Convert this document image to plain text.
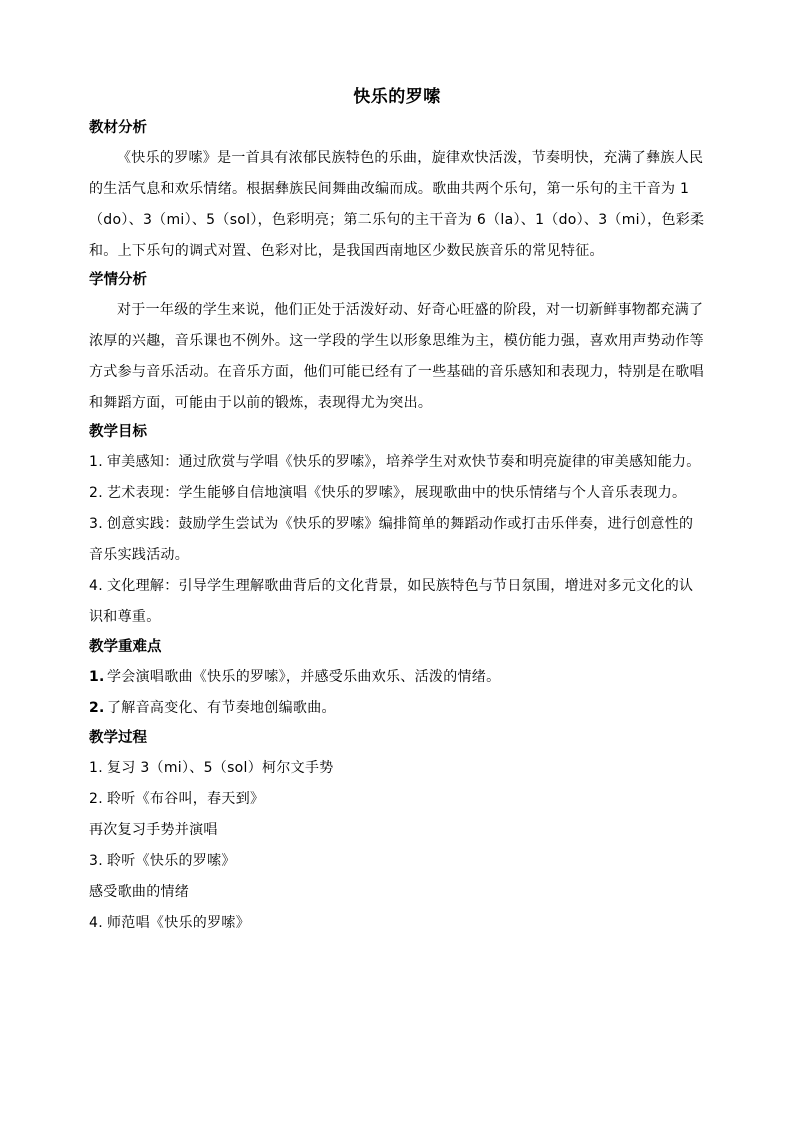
快乐的罗嗦
教材分析
《快乐的罗嗦》是一首具有浓郁民族特色的乐曲，旋律欢快活泼，节奏明快，充满了彝族人民的生活气息和欢乐情绪。根据彝族民间舞曲改编而成。歌曲共两个乐句，第一乐句的主干音为 1（do）、3（mi）、5（sol），色彩明亮；第二乐句的主干音为 6（la）、1（do）、3（mi），色彩柔和。上下乐句的调式对置、色彩对比，是我国西南地区少数民族音乐的常见特征。
学情分析
对于一年级的学生来说，他们正处于活泼好动、好奇心旺盛的阶段，对一切新鲜事物都充满了浓厚的兴趣，音乐课也不例外。这一学段的学生以形象思维为主，模仿能力强，喜欢用声势动作等方式参与音乐活动。在音乐方面，他们可能已经有了一些基础的音乐感知和表现力，特别是在歌唱和舞蹈方面，可能由于以前的锻炼，表现得尤为突出。
教学目标
1. 审美感知：通过欣赏与学唱《快乐的罗嗦》，培养学生对欢快节奏和明亮旋律的审美感知能力。
2. 艺术表现：学生能够自信地演唱《快乐的罗嗦》，展现歌曲中的快乐情绪与个人音乐表现力。
3. 创意实践：鼓励学生尝试为《快乐的罗嗦》编排简单的舞蹈动作或打击乐伴奏，进行创意性的音乐实践活动。
4. 文化理解：引导学生理解歌曲背后的文化背景，如民族特色与节日氛围，增进对多元文化的认识和尊重。
教学重难点
1. 学会演唱歌曲《快乐的罗嗦》，并感受乐曲欢乐、活泼的情绪。
2. 了解音高变化、有节奏地创编歌曲。
教学过程
1. 复习 3（mi）、5（sol）柯尔文手势
2. 聆听《布谷叫，春天到》
再次复习手势并演唱
3. 聆听《快乐的罗嗦》
感受歌曲的情绪
4. 师范唱《快乐的罗嗦》
